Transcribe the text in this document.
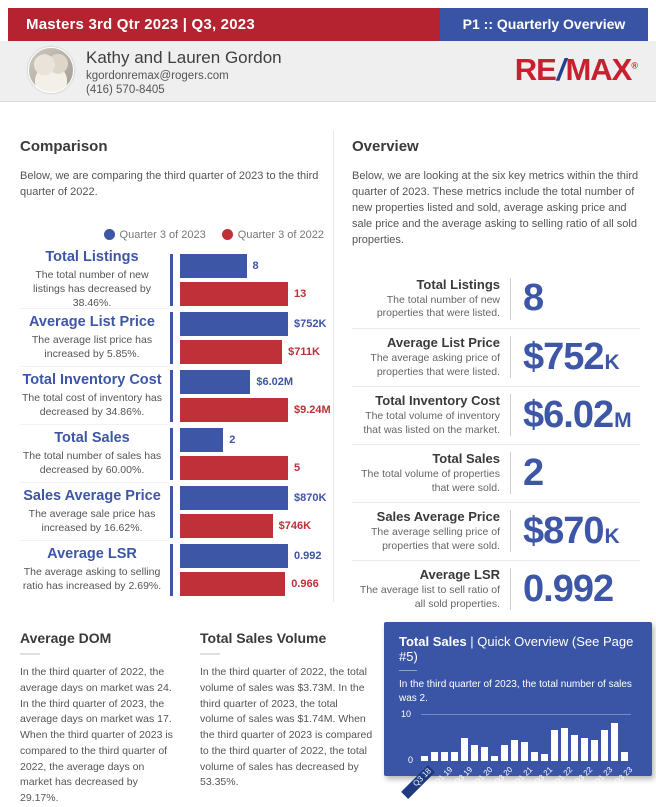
Masters 3rd Qtr 2023 | Q3, 2023	P1 :: Quarterly Overview
Kathy and Lauren Gordon
kgordonremax@rogers.com
(416) 570-8405
RE/MAX®
Comparison

Below, we are comparing the third quarter of 2023 to the third quarter of 2022.

Quarter 3 of 2023	Quarter 3 of 2022
Total Listings
The total number of new listings has decreased by 38.46%.
8
13
Average List Price
The average list price has increased by 5.85%.
$752K
$711K
Total Inventory Cost
The total cost of inventory has decreased by 34.86%.
$6.02M
$9.24M
Total Sales
The total number of sales has decreased by 60.00%.
2
5
Sales Average Price
The average sale price has increased by 16.62%.
$870K
$746K
Average LSR
The average asking to selling ratio has increased by 2.69%.
0.992
0.966
Overview

Below, we are looking at the six key metrics within the third quarter of 2023. These metrics include the total number of new properties listed and sold, average asking price and sale price and the average asking to selling ratio of all sold properties.

Total Listings
The total number of new properties that were listed. 8
Average List Price
The average asking price of properties that were listed. $752 K
Total Inventory Cost
The total volume of inventory that was listed on the market. $6.02 M
Total Sales
The total volume of properties that were sold. 2
Sales Average Price
The average selling price of properties that were sold. $870 K
Average LSR
The average list to sell ratio of all sold properties. 0.992
Average DOM

In the third quarter of 2022, the average days on market was 24. In the third quarter of 2023, the average days on market was 17. When the third quarter of 2023 is compared to the third quarter of 2022, the average days on market has decreased by 29.17%.

Total Sales Volume

In the third quarter of 2022, the total volume of sales was $3.73M. In the third quarter of 2023, the total volume of sales was $1.74M. When the third quarter of 2023 is compared to the third quarter of 2022, the total volume of sales has decreased by 53.35%.

Total Sales | Quick Overview (See Page #5)

In the third quarter of 2023, the total number of sales was 2.

10
0
Q3 18 Q1 19
Q3 19
Q1 20
Q3 20
Q1 21
Q3 21
Q1 22
Q3 22
Q1 23
Q3 23
